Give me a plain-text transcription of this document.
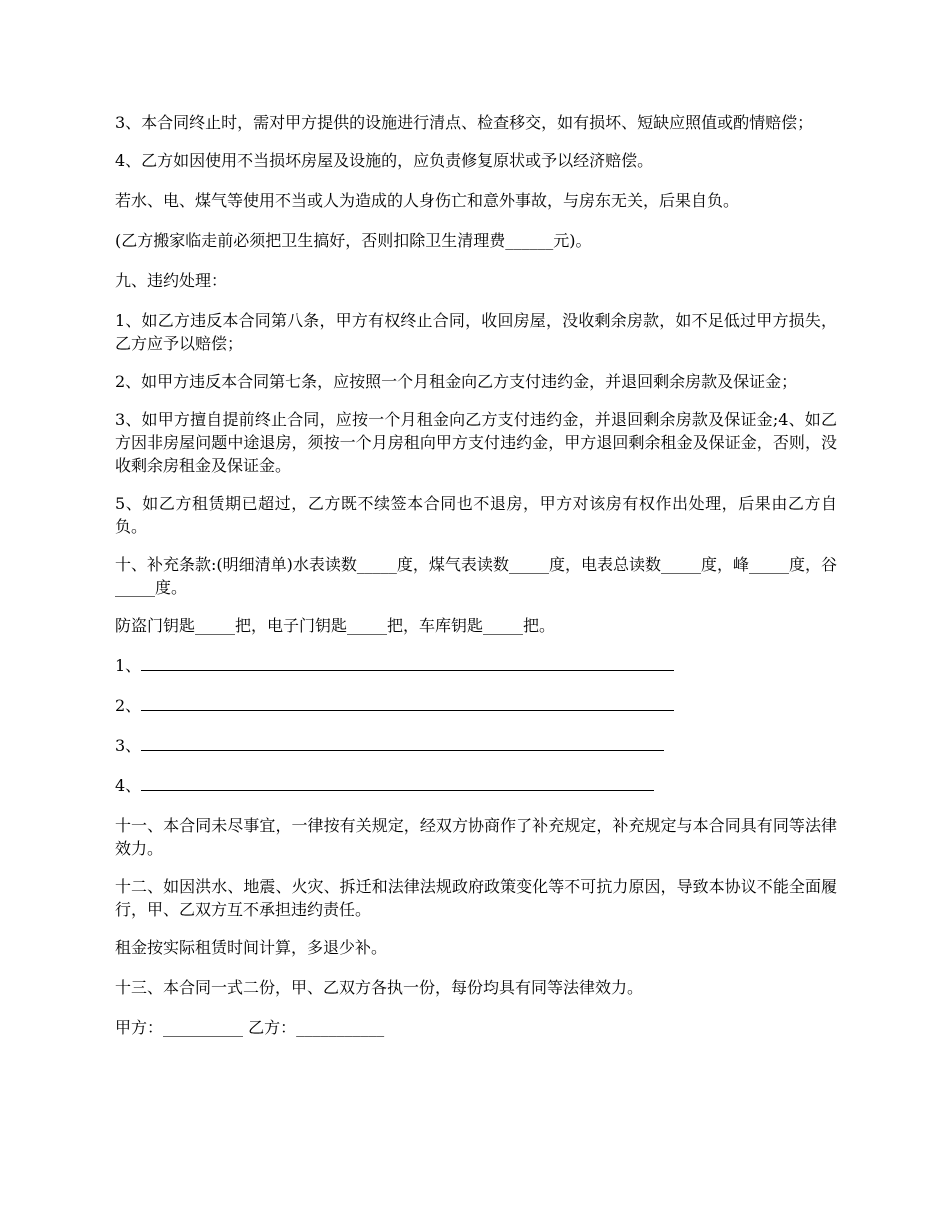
3、本合同终止时，需对甲方提供的设施进行清点、检查移交，如有损坏、短缺应照值或酌情赔偿；

4、乙方如因使用不当损坏房屋及设施的，应负责修复原状或予以经济赔偿。

若水、电、煤气等使用不当或人为造成的人身伤亡和意外事故，与房东无关，后果自负。

(乙方搬家临走前必须把卫生搞好，否则扣除卫生清理费______元)。

九、违约处理：

1、如乙方违反本合同第八条，甲方有权终止合同，收回房屋，没收剩余房款，如不足低过甲方损失，乙方应予以赔偿；

2、如甲方违反本合同第七条，应按照一个月租金向乙方支付违约金，并退回剩余房款及保证金；

3、如甲方擅自提前终止合同，应按一个月租金向乙方支付违约金，并退回剩余房款及保证金;4、如乙方因非房屋问题中途退房，须按一个月房租向甲方支付违约金，甲方退回剩余租金及保证金，否则，没收剩余房租金及保证金。

5、如乙方租赁期已超过，乙方既不续签本合同也不退房，甲方对该房有权作出处理，后果由乙方自负。

十、补充条款:(明细清单)水表读数_____度，煤气表读数_____度，电表总读数_____度，峰_____度，谷_____度。

防盗门钥匙_____把，电子门钥匙_____把，车库钥匙_____把。

1、
2、
3、
4、

十一、本合同未尽事宜，一律按有关规定，经双方协商作了补充规定，补充规定与本合同具有同等法律效力。

十二、如因洪水、地震、火灾、拆迁和法律法规政府政策变化等不可抗力原因，导致本协议不能全面履行，甲、乙双方互不承担违约责任。

租金按实际租赁时间计算，多退少补。

十三、本合同一式二份，甲、乙双方各执一份，每份均具有同等法律效力。

甲方：__________ 乙方：___________
